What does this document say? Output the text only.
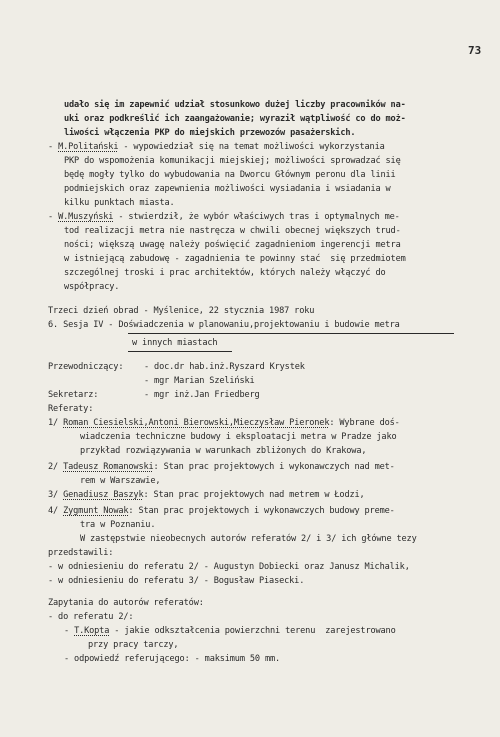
73
udało się im zapewnić udział stosunkowo dużej liczby pracowników na-
uki oraz podkreślić ich zaangażowanie; wyraził wątpliwość co do moż-
liwości włączenia PKP do miejskich przewozów pasażerskich.
- M.Politański - wypowiedział się na temat możliwości wykorzystania
PKP do wspomożenia komunikacji miejskiej; możliwości sprowadzać się
będę mogły tylko do wybudowania na Dworcu Głównym peronu dla linii
podmiejskich oraz zapewnienia możliwości wysiadania i wsiadania w
kilku punktach miasta.
- W.Muszyński - stwierdził, że wybór właściwych tras i optymalnych me-
tod realizacji metra nie nastręcza w chwili obecnej większych trud-
ności; większą uwagę należy poświęcić zagadnieniom ingerencji metra
w istniejącą zabudowę - zagadnienia te powinny stać  się przedmiotem
szczególnej troski i prac architektów, których należy włączyć do
współpracy.
Trzeci dzień obrad - Myślenice, 22 stycznia 1987 roku
6. Sesja IV - Doświadczenia w planowaniu,projektowaniu i budowie metra
w innych miastach
Przewodniczący: - doc.dr hab.inż.Ryszard Krystek
- mgr Marian Szeliński
Sekretarz:	- mgr inż.Jan Friedberg
Referaty:
1/ Roman Ciesielski,Antoni Bierowski,Mieczysław Pieronek: Wybrane doś-
wiadczenia techniczne budowy i eksploatacji metra w Pradze jako
przykład rozwiązywania w warunkach zbliżonych do Krakowa,
2/ Tadeusz Romanowski: Stan prac projektowych i wykonawczych nad met-
rem w Warszawie,
3/ Genadiusz Baszyk: Stan prac projektowych nad metrem w Łodzi,
4/ Zygmunt Nowak: Stan prac projektowych i wykonawczych budowy preme-
tra w Poznaniu.
W zastępstwie nieobecnych autorów referatów 2/ i 3/ ich główne tezy
przedstawili:
- w odniesieniu do referatu 2/ - Augustyn Dobiecki oraz Janusz Michalik,
- w odniesieniu do referatu 3/ - Bogusław Piasecki.
Zapytania do autorów referatów:
- do referatu 2/:
- T.Kopta - jakie odkształcenia powierzchni terenu  zarejestrowano
przy pracy tarczy,
- odpowiedź referującego: - maksimum 50 mm.
